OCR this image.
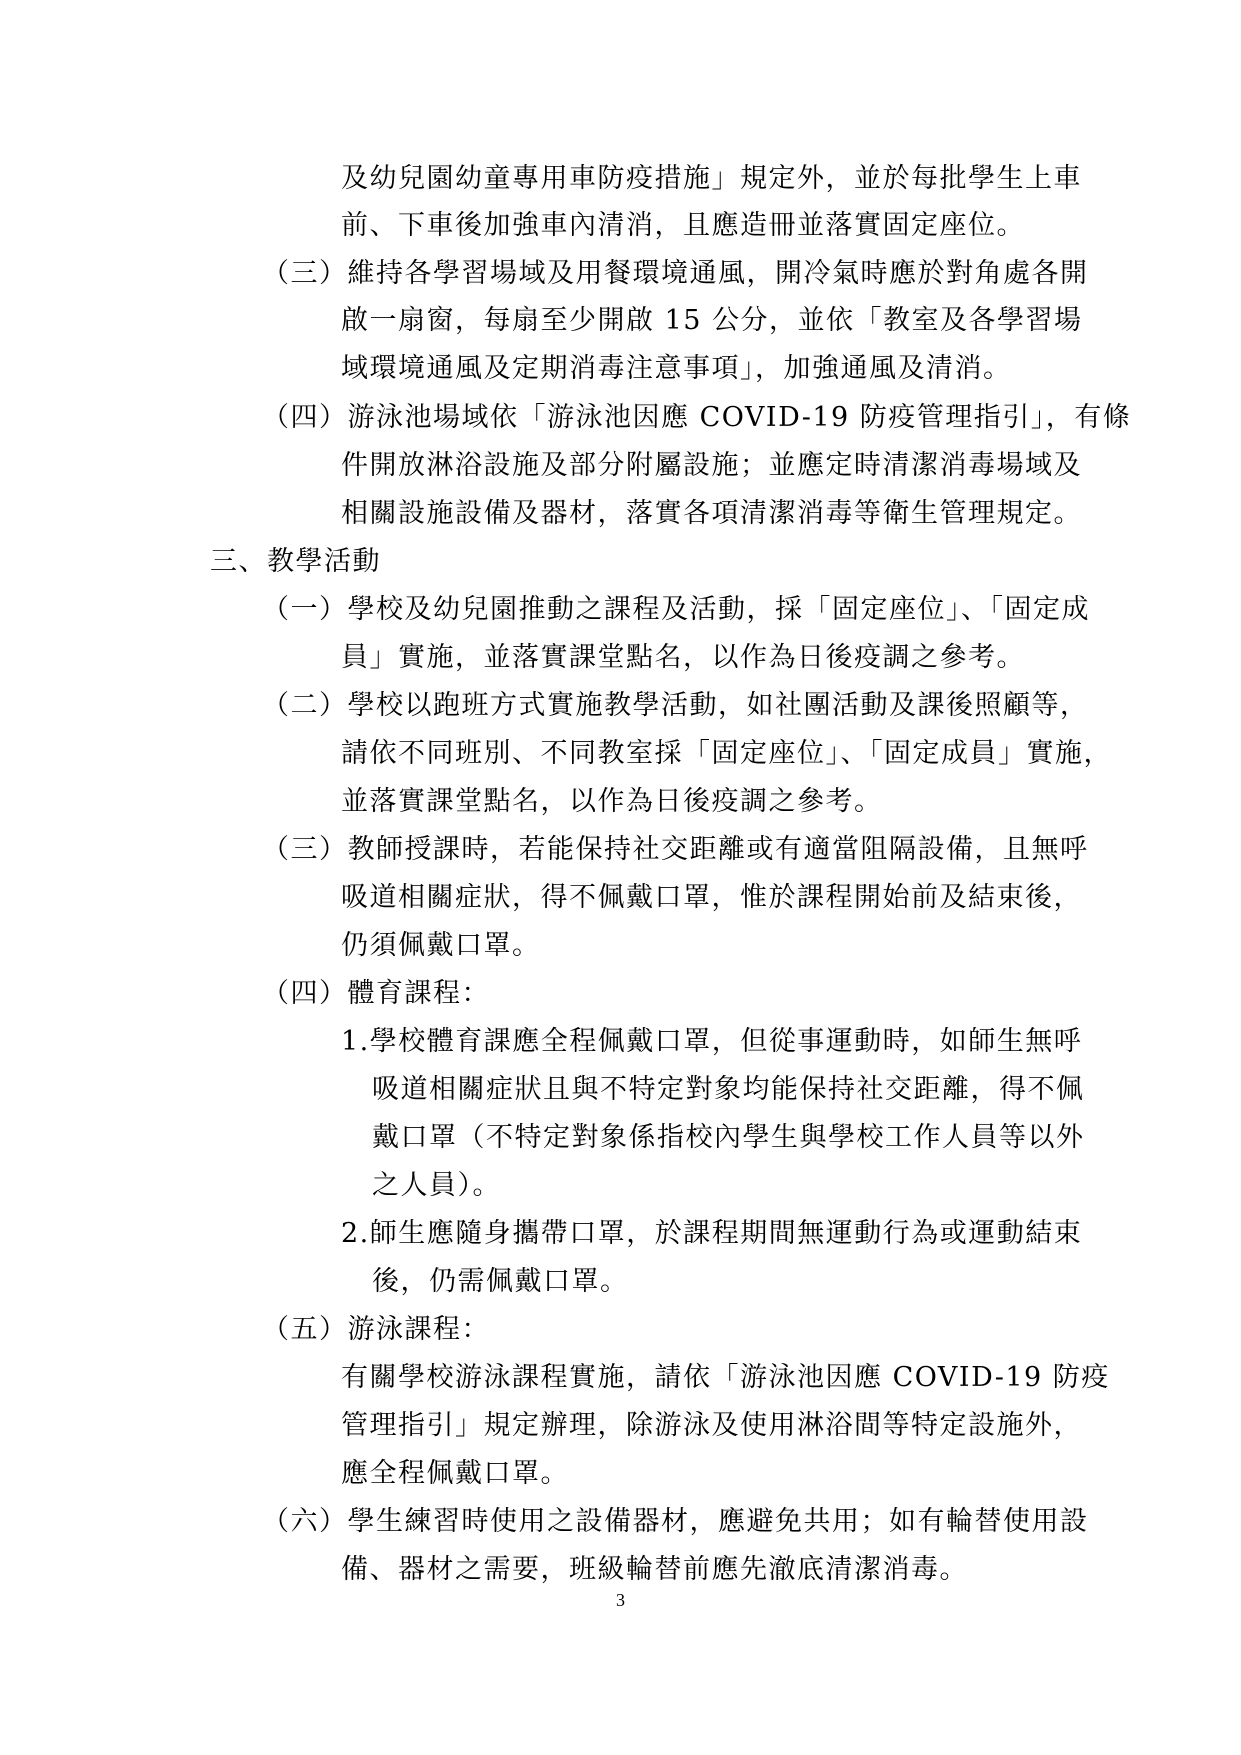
及幼兒園幼童專用車防疫措施」規定外，並於每批學生上車
前、下車後加強車內清消，且應造冊並落實固定座位。
（三）維持各學習場域及用餐環境通風，開冷氣時應於對角處各開
啟一扇窗，每扇至少開啟 15 公分，並依「教室及各學習場
域環境通風及定期消毒注意事項」，加強通風及清消。
（四）游泳池場域依「游泳池因應 COVID-19 防疫管理指引」，有條
件開放淋浴設施及部分附屬設施；並應定時清潔消毒場域及
相關設施設備及器材，落實各項清潔消毒等衛生管理規定。
三、教學活動
（一）學校及幼兒園推動之課程及活動，採「固定座位」、「固定成
員」實施，並落實課堂點名，以作為日後疫調之參考。
（二）學校以跑班方式實施教學活動，如社團活動及課後照顧等，
請依不同班別、不同教室採「固定座位」、「固定成員」實施，
並落實課堂點名，以作為日後疫調之參考。
（三）教師授課時，若能保持社交距離或有適當阻隔設備，且無呼
吸道相關症狀，得不佩戴口罩，惟於課程開始前及結束後，
仍須佩戴口罩。
（四）體育課程：
1.學校體育課應全程佩戴口罩，但從事運動時，如師生無呼
吸道相關症狀且與不特定對象均能保持社交距離，得不佩
戴口罩（不特定對象係指校內學生與學校工作人員等以外
之人員）。
2.師生應隨身攜帶口罩，於課程期間無運動行為或運動結束
後，仍需佩戴口罩。
（五）游泳課程：
有關學校游泳課程實施，請依「游泳池因應 COVID-19 防疫
管理指引」規定辦理，除游泳及使用淋浴間等特定設施外，
應全程佩戴口罩。
（六）學生練習時使用之設備器材，應避免共用；如有輪替使用設
備、器材之需要，班級輪替前應先澈底清潔消毒。
3
